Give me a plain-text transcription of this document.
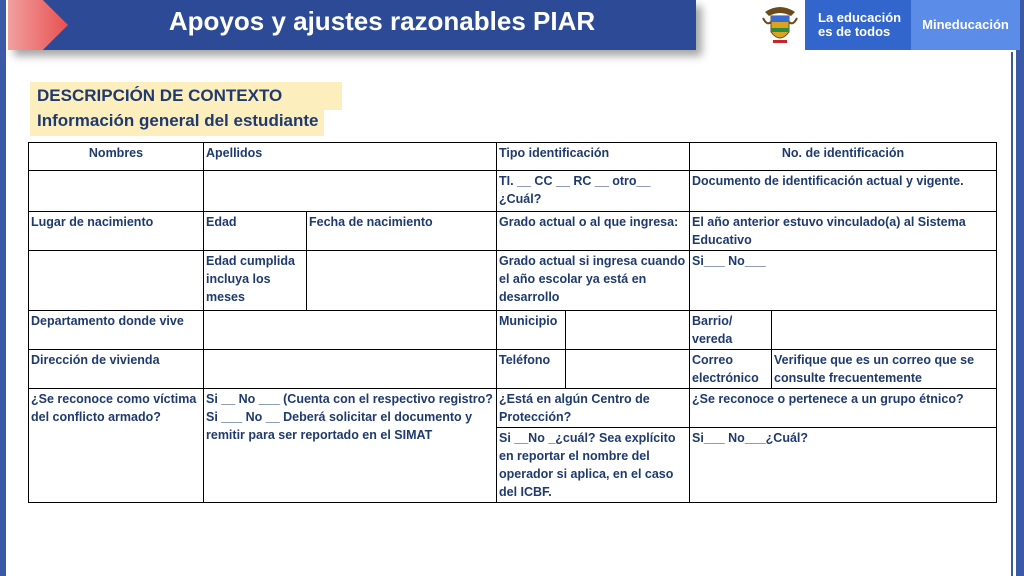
Apoyos y ajustes razonables PIAR	La educación
es de todos	Mineducación
DESCRIPCIÓN DE CONTEXTO
Información general del estudiante
Nombres	Apellidos		Tipo identificación		No. de identificación	
			TI. __ CC __ RC __ otro__ ¿Cuál?		Documento de identificación actual y vigente.	
Lugar de nacimiento	Edad	Fecha de nacimiento	Grado actual o al que ingresa:		El año anterior estuvo vinculado(a) al Sistema Educativo	
	Edad cumplida incluya los meses		Grado actual si ingresa cuando el año escolar ya está en desarrollo		Si___ No___	
Departamento donde vive			Municipio		Barrio/ vereda	
Dirección de vivienda			Teléfono		Correo electrónico	Verifique que es un correo que se consulte frecuentemente
¿Se reconoce como víctima del conflicto armado?	Si __ No ___ (Cuenta con el respectivo registro? Si ___ No __ Deberá solicitar el documento y remitir para ser reportado en el SIMAT		¿Está en algún Centro de Protección?		¿Se reconoce o pertenece a un grupo étnico?	
			Si __No _¿cuál? Sea explícito en reportar el nombre del operador si aplica, en el caso del ICBF.		Si___ No___¿Cuál?	
